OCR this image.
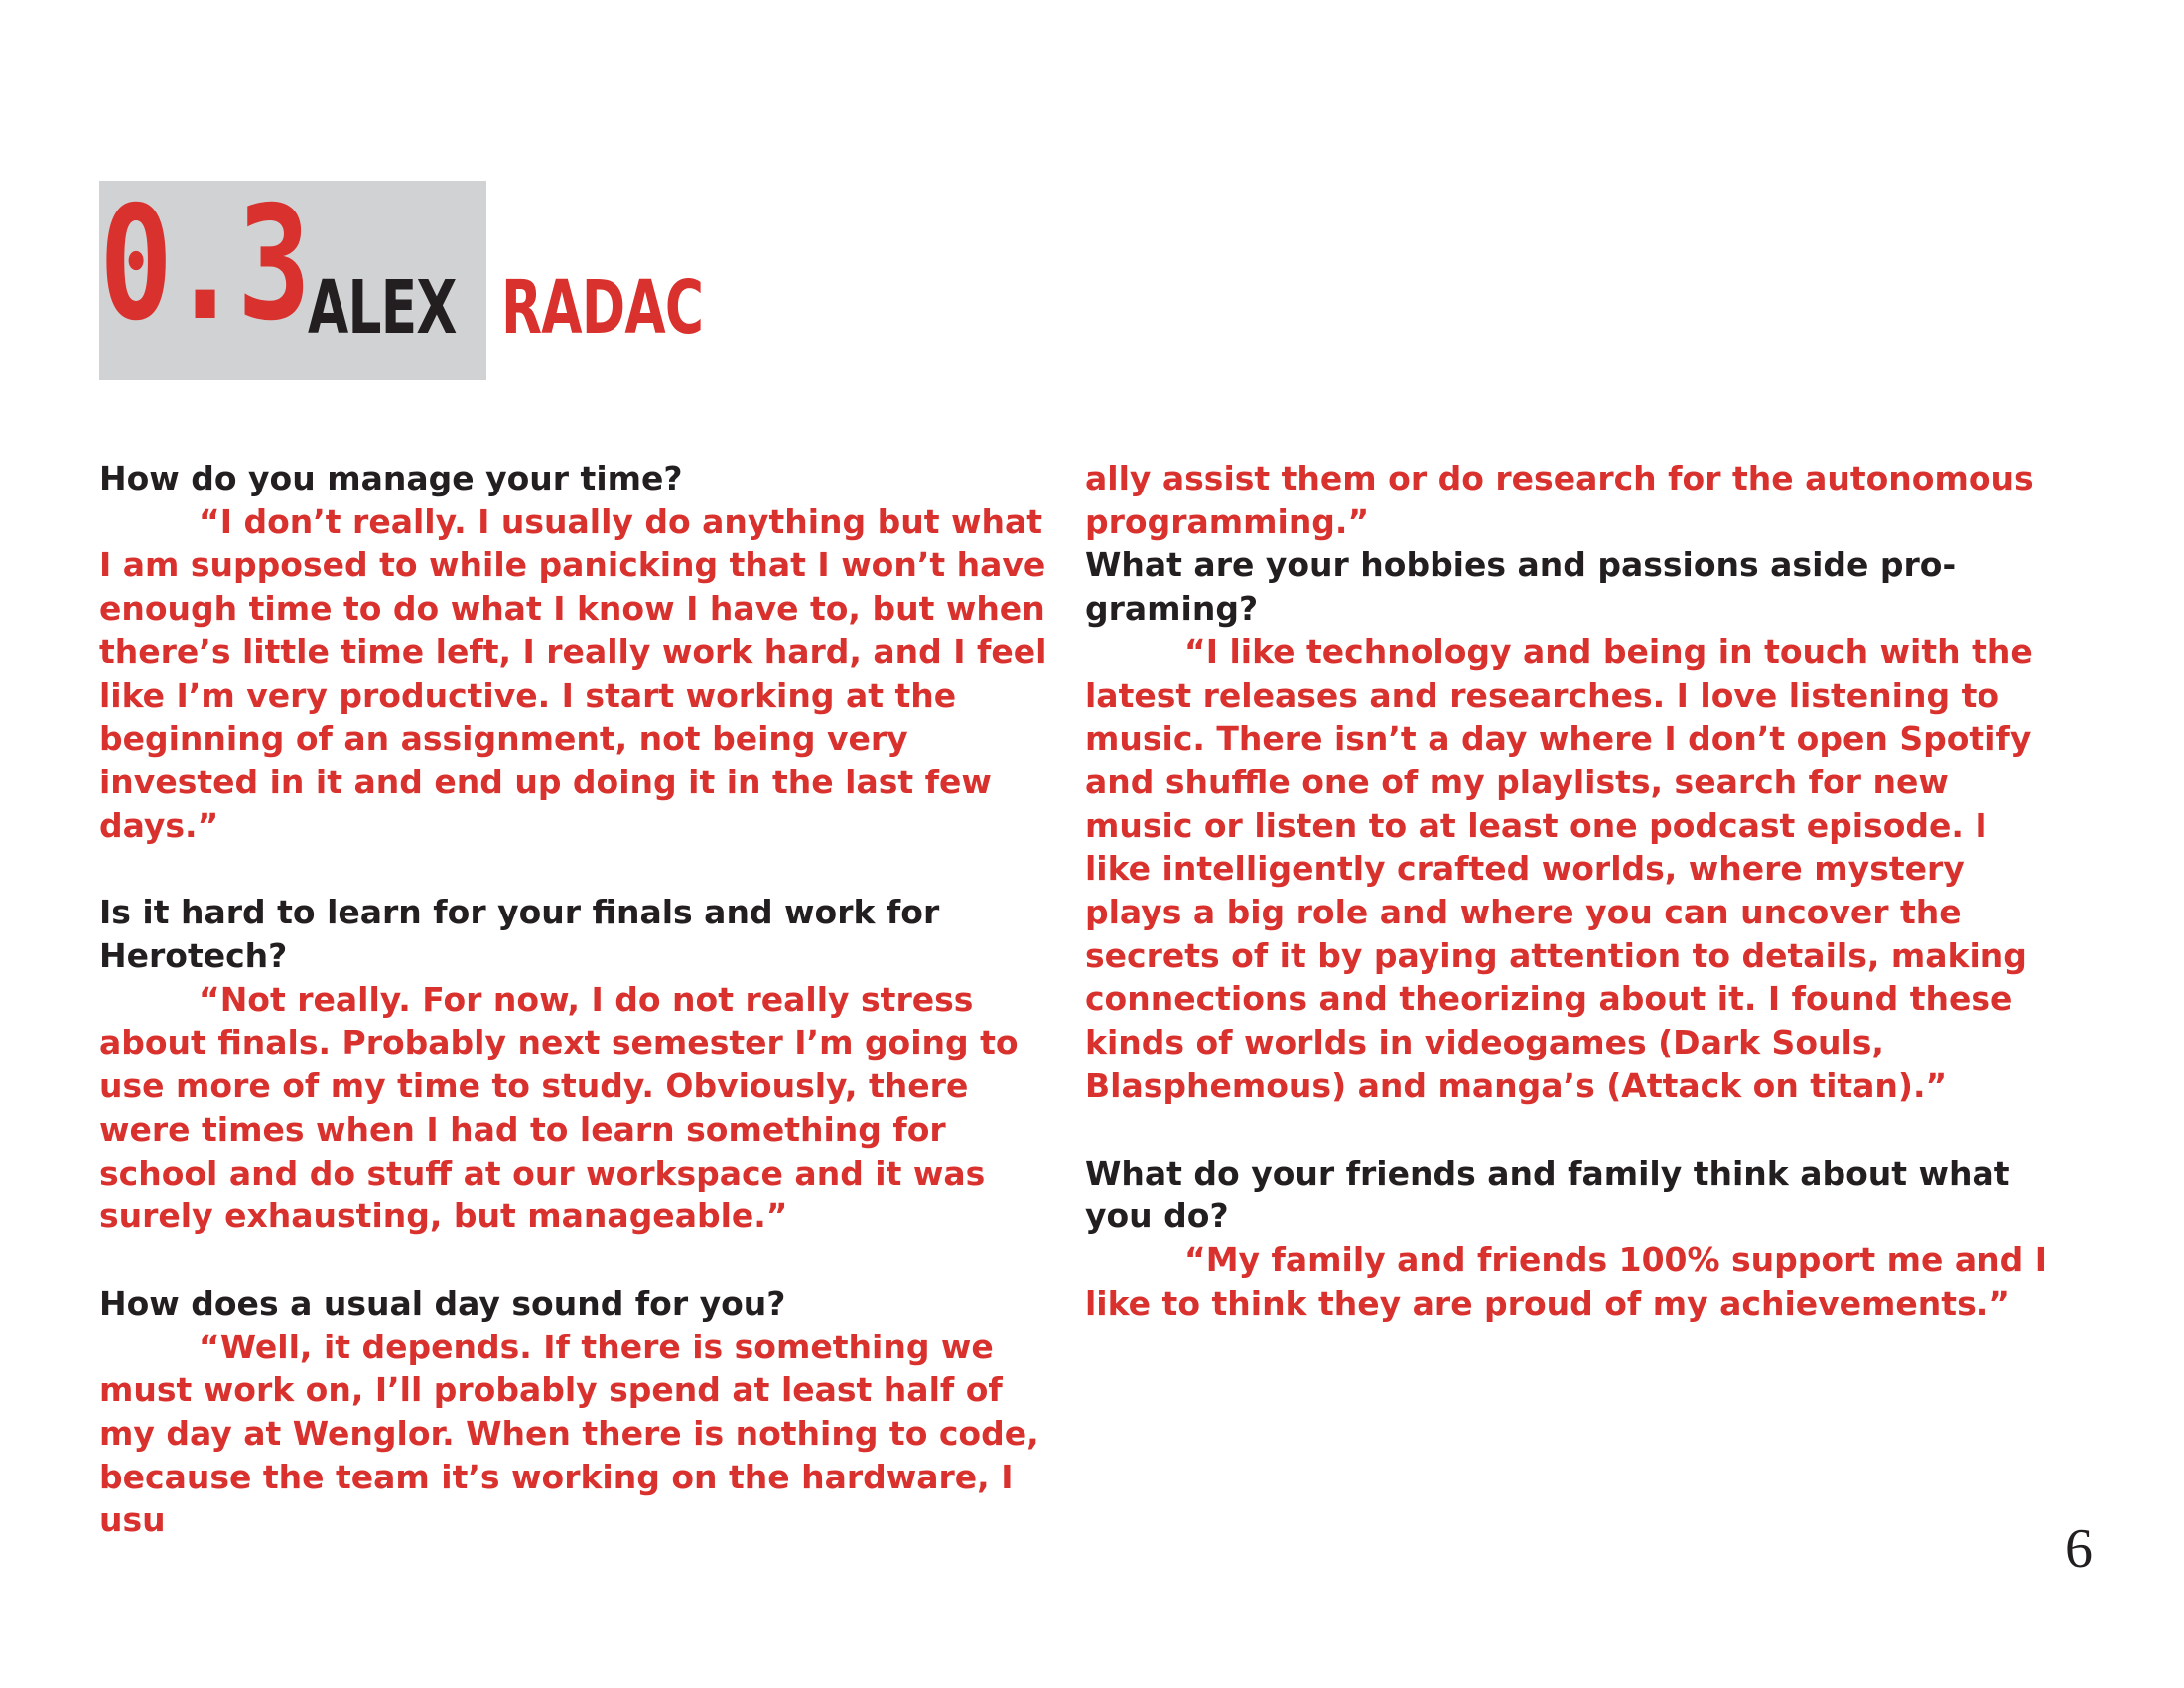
0.3 ALEX RADAC

How do you manage your time?

“I don’t really. I usually do anything but what I am supposed to while panicking that I won’t have enough time to do what I know I have to, but when there’s little time left, I really work hard, and I feel like I’m very productive. I start working at the beginning of an assignment, not being very invested in it and end up doing it in the last few days.”

Is it hard to learn for your finals and work for Herotech?

“Not really. For now, I do not really stress about finals. Probably next semester I’m going to use more of my time to study. Obviously, there were times when I had to learn something for school and do stuff at our workspace and it was surely exhausting, but manageable.”

How does a usual day sound for you?

“Well, it depends. If there is something we must work on, I’ll probably spend at least half of my day at Wenglor. When there is nothing to code, because the team it’s working on the hardware, I usu

ally assist them or do research for the autonomous programming.”

What are your hobbies and passions aside programing?

“I like technology and being in touch with the latest releases and researches. I love listening to music. There isn’t a day where I don’t open Spotify and shuffle one of my playlists, search for new music or listen to at least one podcast episode. I like intelligently crafted worlds, where mystery plays a big role and where you can uncover the secrets of it by paying attention to details, making connections and theorizing about it. I found these kinds of worlds in videogames (Dark Souls, Blasphemous) and manga’s (Attack on titan).”

What do your friends and family think about what you do?

“My family and friends 100% support me and I like to think they are proud of my achievements.”

6
